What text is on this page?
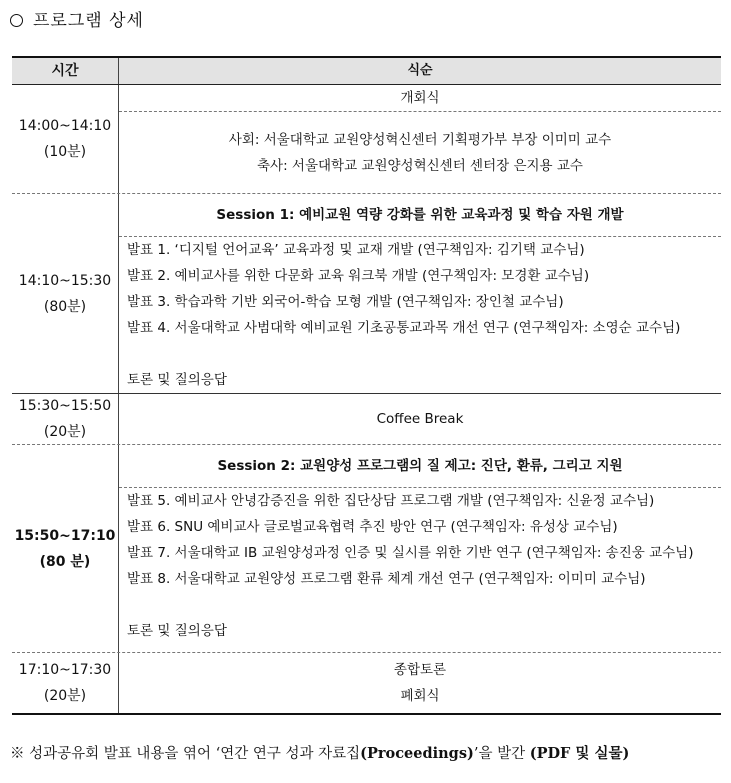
프로그램 상세
시간	식순
14:00~14:10
(10분)
개회식
사회: 서울대학교 교원양성혁신센터 기획평가부 부장 이미미 교수
축사: 서울대학교 교원양성혁신센터 센터장 은지용 교수
14:10~15:30
(80분)
Session 1: 예비교원 역량 강화를 위한 교육과정 및 학습 자원 개발
발표 1. ‘디지털 언어교육’ 교육과정 및 교재 개발 (연구책임자: 김기택 교수님)
발표 2. 예비교사를 위한 다문화 교육 워크북 개발 (연구책임자: 모경환 교수님)
발표 3. 학습과학 기반 외국어-학습 모형 개발 (연구책임자: 장인철 교수님)
발표 4. 서울대학교 사범대학 예비교원 기초공통교과목 개선 연구 (연구책임자: 소영순 교수님)
토론 및 질의응답
15:30~15:50
(20분)
Coffee Break
15:50~17:10
(80 분)
Session 2: 교원양성 프로그램의 질 제고: 진단, 환류, 그리고 지원
발표 5. 예비교사 안녕감증진을 위한 집단상담 프로그램 개발 (연구책임자: 신윤정 교수님)
발표 6. SNU 예비교사 글로벌교육협력 추진 방안 연구 (연구책임자: 유성상 교수님)
발표 7. 서울대학교 IB 교원양성과정 인증 및 실시를 위한 기반 연구 (연구책임자: 송진웅 교수님)
발표 8. 서울대학교 교원양성 프로그램 환류 체계 개선 연구 (연구책임자: 이미미 교수님)
토론 및 질의응답
17:10~17:30
(20분)
종합토론
폐회식
※ 성과공유회 발표 내용을 엮어 ‘연간 연구 성과 자료집(Proceedings)’을 발간 (PDF 및 실물)
